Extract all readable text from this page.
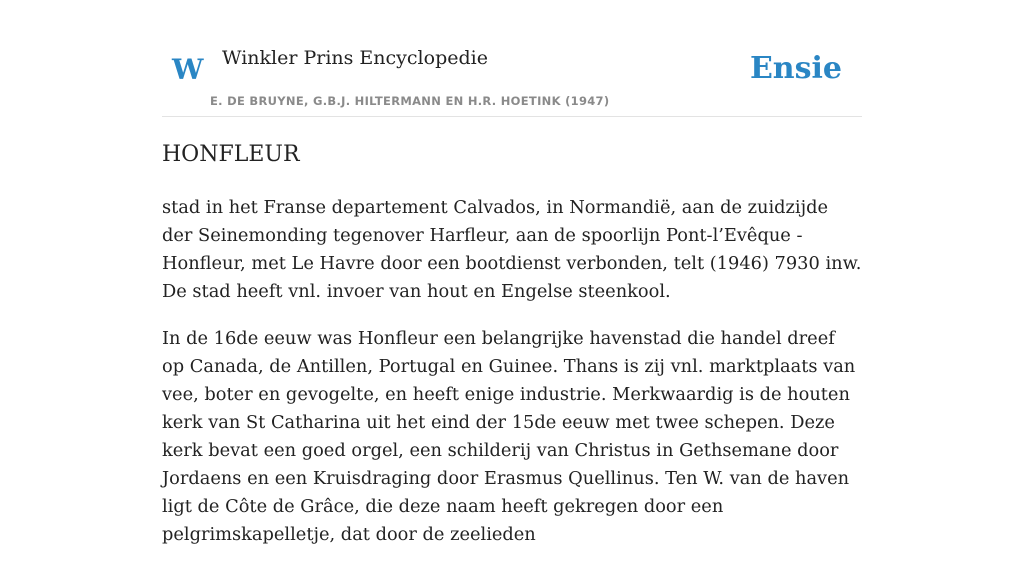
W Winkler Prins Encyclopedie
E. DE BRUYNE, G.B.J. HILTERMANN EN H.R. HOETINK (1947)
Ensie
HONFLEUR

stad in het Franse departement Calvados, in Normandië, aan de zuidzijde der Seinemonding tegenover Harfleur, aan de spoorlijn Pont-l’Evêque - Honfleur, met Le Havre door een bootdienst verbonden, telt (1946) 7930 inw. De stad heeft vnl. invoer van hout en Engelse steenkool.

In de 16de eeuw was Honfleur een belangrijke havenstad die handel dreef op Canada, de Antillen, Portugal en Guinee. Thans is zij vnl. marktplaats van vee, boter en gevogelte, en heeft enige industrie. Merkwaardig is de houten kerk van St Catharina uit het eind der 15de eeuw met twee schepen. Deze kerk bevat een goed orgel, een schilderij van Christus in Gethsemane door Jordaens en een Kruisdraging door Erasmus Quellinus. Ten W. van de haven ligt de Côte de Grâce, die deze naam heeft gekregen door een pelgrimskapelletje, dat door de zeelieden
